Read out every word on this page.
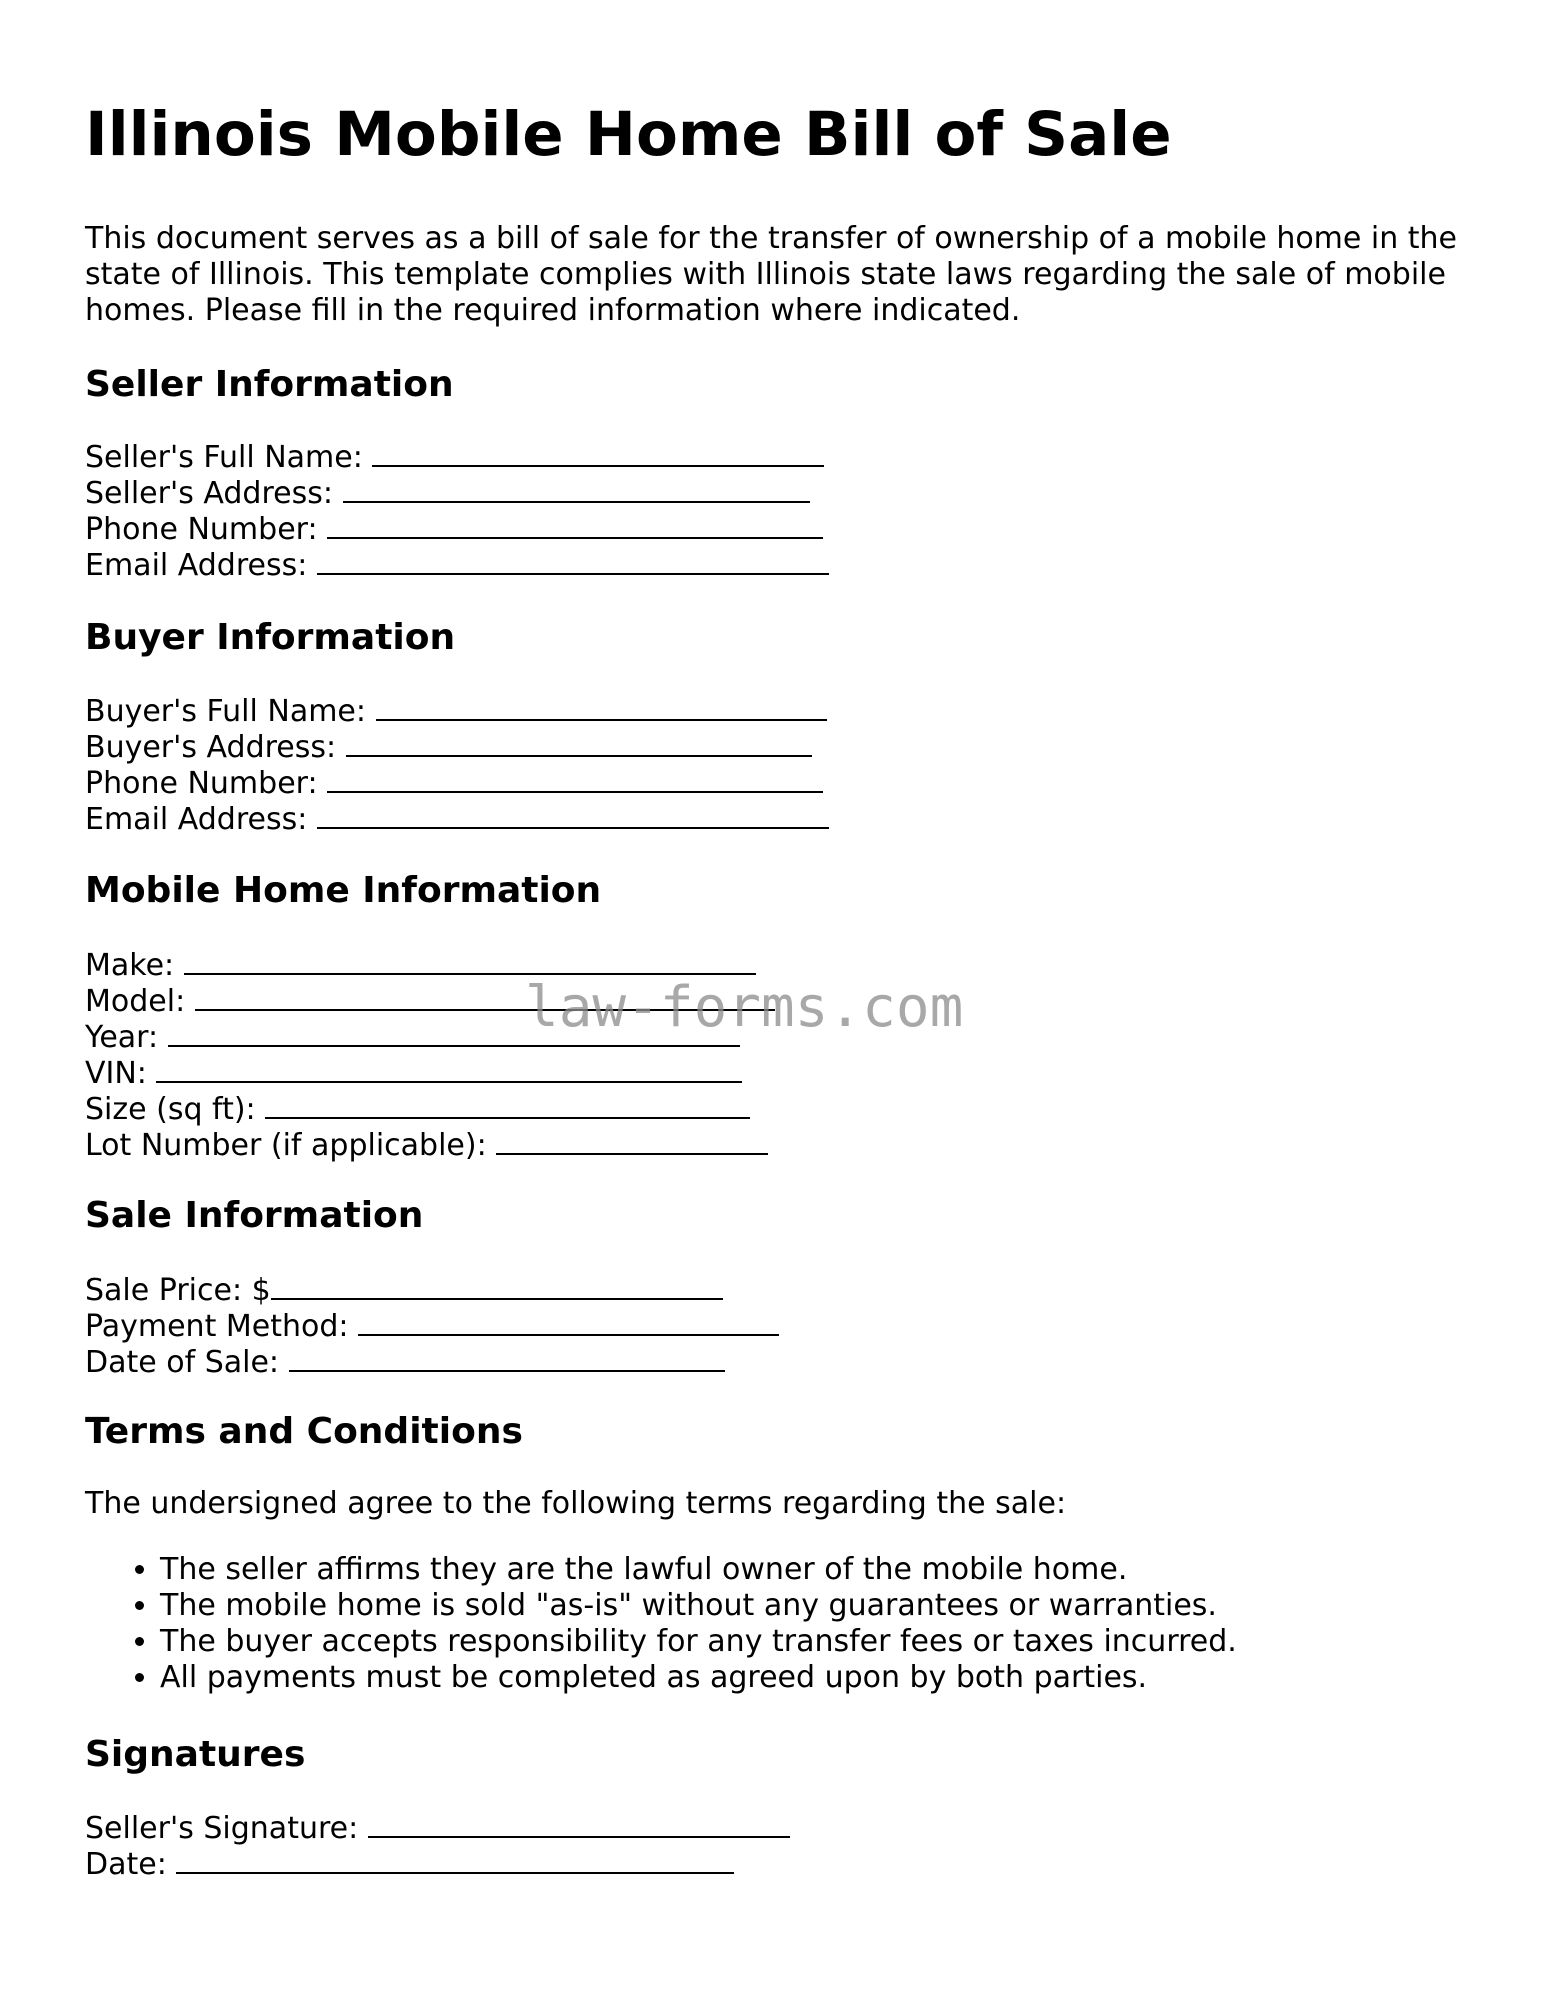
Illinois Mobile Home Bill of Sale

This document serves as a bill of sale for the transfer of ownership of a mobile home in the state of Illinois. This template complies with Illinois state laws regarding the sale of mobile homes. Please fill in the required information where indicated.

Seller Information
Seller's Full Name:
Seller's Address:
Phone Number:
Email Address:
Buyer Information
Buyer's Full Name:
Buyer's Address:
Phone Number:
Email Address:
Mobile Home Information
Make:
Model:
Year:
VIN:
Size (sq ft):
Lot Number (if applicable):
Sale Information
Sale Price: $
Payment Method:
Date of Sale:
Terms and Conditions

The undersigned agree to the following terms regarding the sale:

• The seller affirms they are the lawful owner of the mobile home.
• The mobile home is sold "as-is" without any guarantees or warranties.
• The buyer accepts responsibility for any transfer fees or taxes incurred.
• All payments must be completed as agreed upon by both parties.
Signatures
Seller's Signature:
Date:
law-forms.com
